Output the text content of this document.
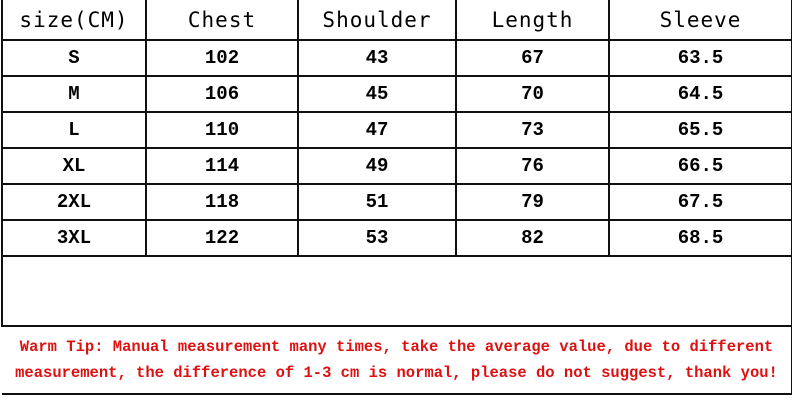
size(CM)	Chest	Shoulder	Length	Sleeve
S	102	43	67	63.5
M	106	45	70	64.5
L	110	47	73	65.5
XL	114	49	76	66.5
2XL	118	51	79	67.5
3XL	122	53	82	68.5

Warm Tip: Manual measurement many times, take the average value, due to different
measurement, the difference of 1-3 cm is normal, please do not suggest, thank you!				
